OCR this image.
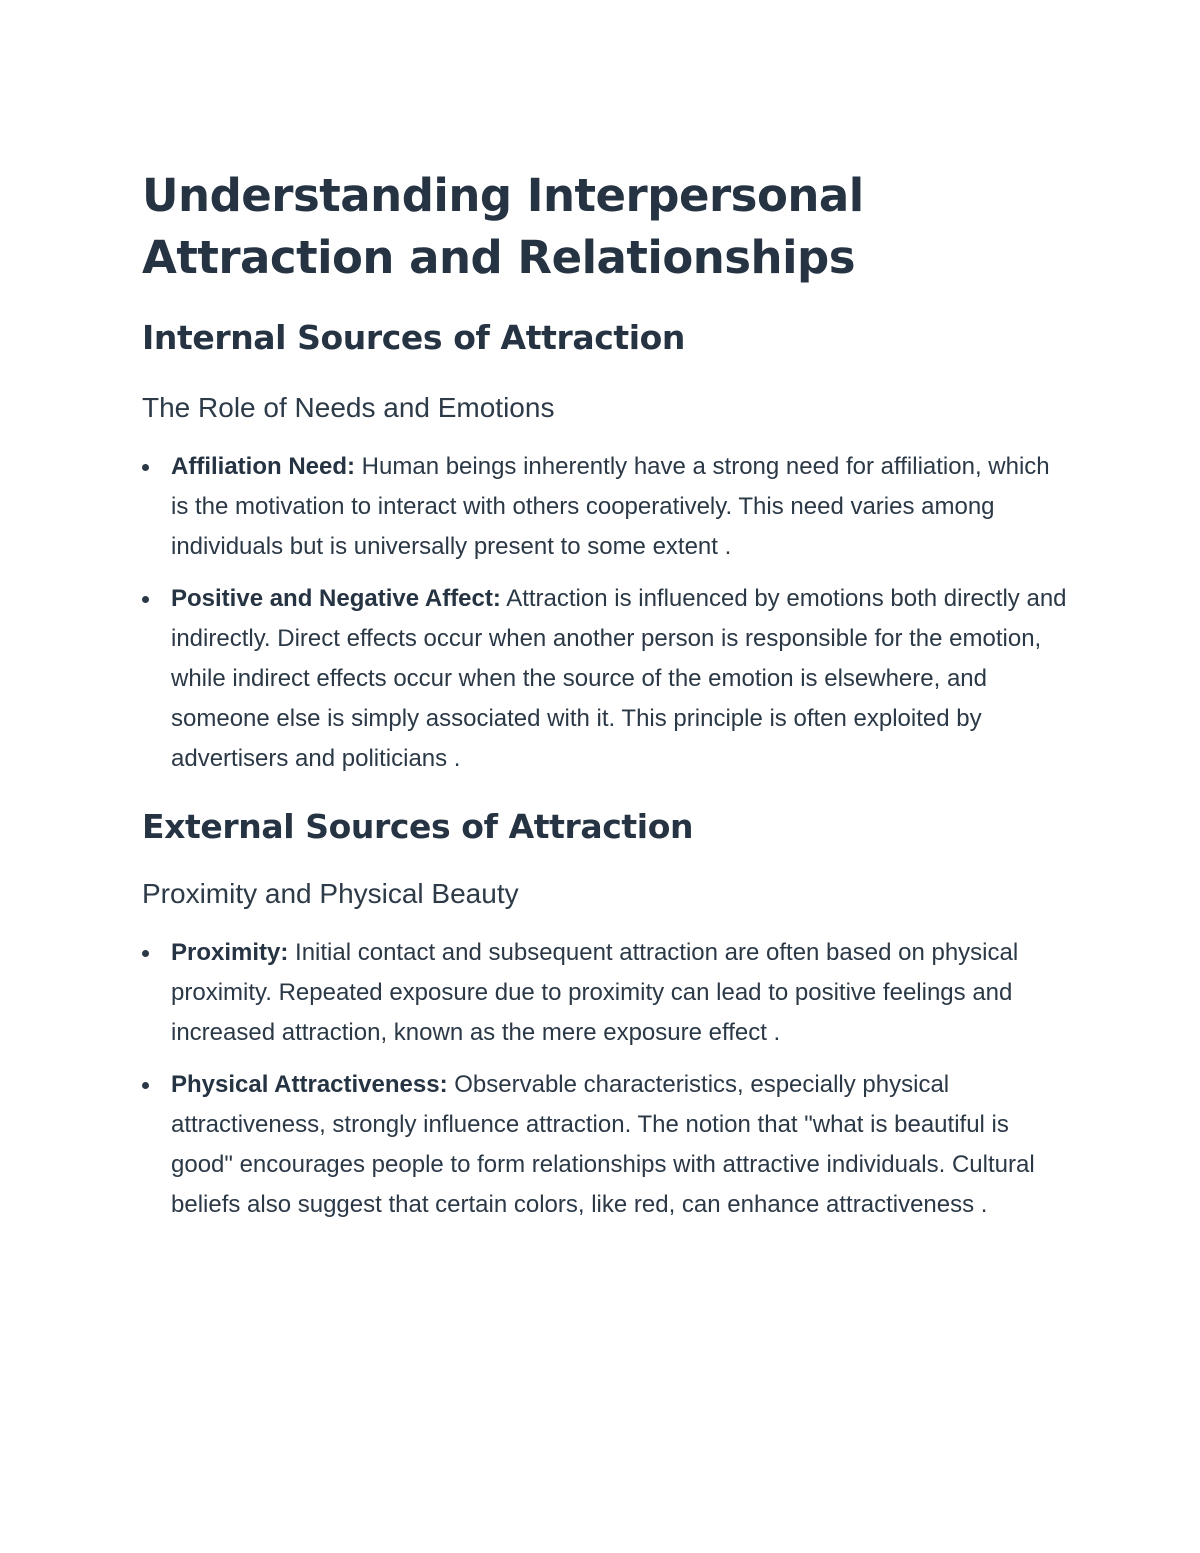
Understanding Interpersonal Attraction and Relationships
Internal Sources of Attraction
The Role of Needs and Emotions
Affiliation Need: Human beings inherently have a strong need for affiliation, which is the motivation to interact with others cooperatively. This need varies among individuals but is universally present to some extent .
Positive and Negative Affect: Attraction is influenced by emotions both directly and indirectly. Direct effects occur when another person is responsible for the emotion, while indirect effects occur when the source of the emotion is elsewhere, and someone else is simply associated with it. This principle is often exploited by advertisers and politicians .
External Sources of Attraction
Proximity and Physical Beauty
Proximity: Initial contact and subsequent attraction are often based on physical proximity. Repeated exposure due to proximity can lead to positive feelings and increased attraction, known as the mere exposure effect .
Physical Attractiveness: Observable characteristics, especially physical attractiveness, strongly influence attraction. The notion that "what is beautiful is good" encourages people to form relationships with attractive individuals. Cultural beliefs also suggest that certain colors, like red, can enhance attractiveness .
